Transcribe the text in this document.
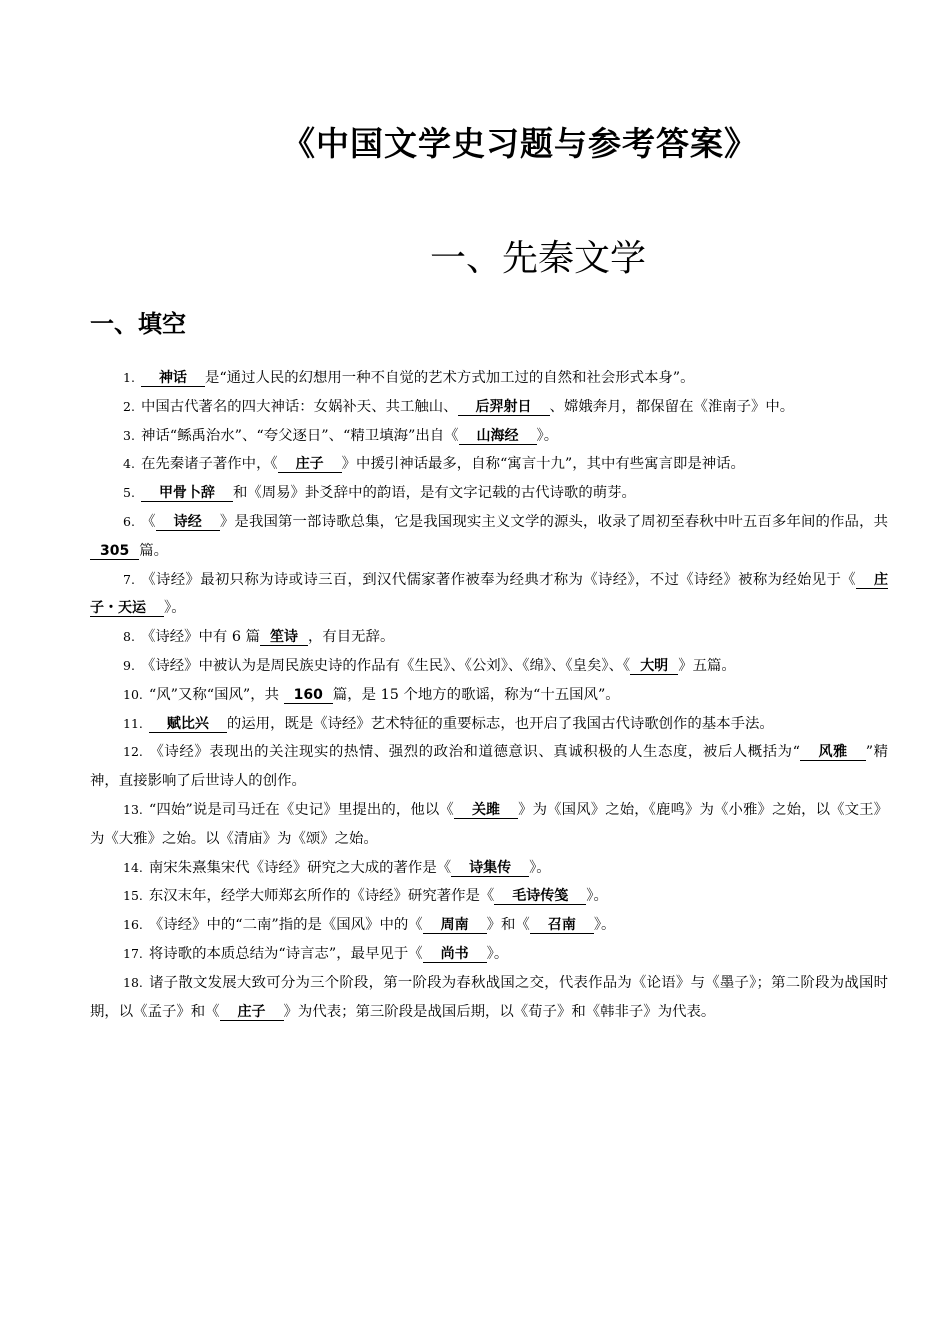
《中国文学史习题与参考答案》
一、先秦文学
一、填空

1. 神话 是“通过人民的幻想用一种不自觉的艺术方式加工过的自然和社会形式本身”。

2. 中国古代著名的四大神话：女娲补天、共工触山、 后羿射日 、嫦娥奔月，都保留在《淮南子》中。

3. 神话“鲧禹治水”、“夸父逐日”、“精卫填海”出自《 山海经 》。

4. 在先秦诸子著作中，《 庄子 》中援引神话最多，自称“寓言十九”，其中有些寓言即是神话。

5. 甲骨卜辞 和《周易》卦爻辞中的韵语，是有文字记载的古代诗歌的萌芽。

6. 《 诗经 》是我国第一部诗歌总集，它是我国现实主义文学的源头，收录了周初至春秋中叶五百多年间的作品，共305 篇。

7. 《诗经》最初只称为诗或诗三百，到汉代儒家著作被奉为经典才称为《诗经》，不过《诗经》被称为经始见于《 庄子・天运 》。

8. 《诗经》中有 6 篇 笙诗 ，有目无辞。

9. 《诗经》中被认为是周民族史诗的作品有《生民》、《公刘》、《绵》、《皇矣》、《 大明 》五篇。

10. “风”又称“国风”，共 160 篇，是 15 个地方的歌谣，称为“十五国风”。

11. 赋比兴 的运用，既是《诗经》艺术特征的重要标志，也开启了我国古代诗歌创作的基本手法。

12. 《诗经》表现出的关注现实的热情、强烈的政治和道德意识、真诚积极的人生态度，被后人概括为“ 风雅 ”精神，直接影响了后世诗人的创作。

13. “四始”说是司马迁在《史记》里提出的，他以《 关雎 》为《国风》之始，《鹿鸣》为《小雅》之始，以《文王》为《大雅》之始。以《清庙》为《颂》之始。

14. 南宋朱熹集宋代《诗经》研究之大成的著作是《 诗集传 》。

15. 东汉末年，经学大师郑玄所作的《诗经》研究著作是《 毛诗传笺 》。

16. 《诗经》中的“二南”指的是《国风》中的《 周南 》和《 召南 》。

17. 将诗歌的本质总结为“诗言志”，最早见于《 尚书 》。

18. 诸子散文发展大致可分为三个阶段，第一阶段为春秋战国之交，代表作品为《论语》与《墨子》；第二阶段为战国时期，以《孟子》和《 庄子 》为代表；第三阶段是战国后期，以《荀子》和《韩非子》为代表。
